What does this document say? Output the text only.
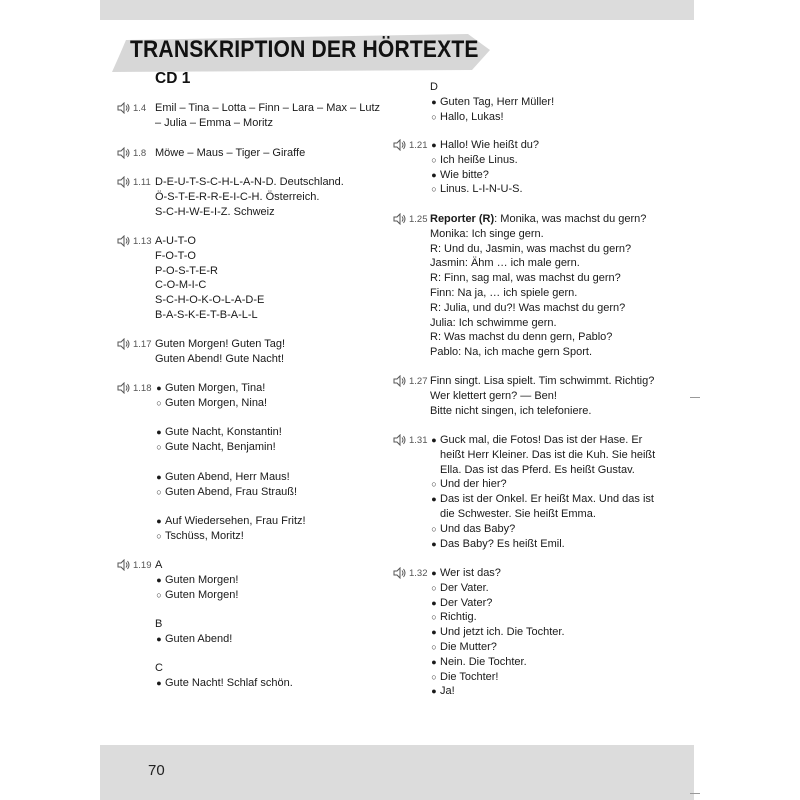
70
TRANSKRIPTION DER HÖRTEXTE
CD 1
1.4 Emil – Tina – Lotta – Finn – Lara – Max – Lutz
– Julia – Emma – Moritz
1.8 Möwe – Maus – Tiger – Giraffe
1.11 D-E-U-T-S-C-H-L-A-N-D. Deutschland.
Ö-S-T-E-R-R-E-I-C-H. Österreich.
S-C-H-W-E-I-Z. Schweiz
1.13 A-U-T-O
F-O-T-O
P-O-S-T-E-R
C-O-M-I-C
S-C-H-O-K-O-L-A-D-E
B-A-S-K-E-T-B-A-L-L
1.17 Guten Morgen! Guten Tag!
Guten Abend! Gute Nacht!
1.18 ● Guten Morgen, Tina!
○ Guten Morgen, Nina!
● Gute Nacht, Konstantin!
○ Gute Nacht, Benjamin!
● Guten Abend, Herr Maus!
○ Guten Abend, Frau Strauß!
● Auf Wiedersehen, Frau Fritz!
○ Tschüss, Moritz!
1.19 A
● Guten Morgen!
○ Guten Morgen!
B
● Guten Abend!
C
● Gute Nacht! Schlaf schön.
D
● Guten Tag, Herr Müller!
○ Hallo, Lukas!
1.21 ● Hallo! Wie heißt du?
○ Ich heiße Linus.
● Wie bitte?
○ Linus. L-I-N-U-S.
1.25 Reporter (R): Monika, was machst du gern?
Monika: Ich singe gern.
R: Und du, Jasmin, was machst du gern?
Jasmin: Ähm … ich male gern.
R: Finn, sag mal, was machst du gern?
Finn: Na ja, … ich spiele gern.
R: Julia, und du?! Was machst du gern?
Julia: Ich schwimme gern.
R: Was machst du denn gern, Pablo?
Pablo: Na, ich mache gern Sport.
1.27 Finn singt. Lisa spielt. Tim schwimmt. Richtig?
Wer klettert gern? — Ben!
Bitte nicht singen, ich telefoniere.
1.31 ● Guck mal, die Fotos! Das ist der Hase. Er
heißt Herr Kleiner. Das ist die Kuh. Sie heißt
Ella. Das ist das Pferd. Es heißt Gustav.
○ Und der hier?
● Das ist der Onkel. Er heißt Max. Und das ist
die Schwester. Sie heißt Emma.
○ Und das Baby?
● Das Baby? Es heißt Emil.
1.32 ● Wer ist das?
○ Der Vater.
● Der Vater?
○ Richtig.
● Und jetzt ich. Die Tochter.
○ Die Mutter?
● Nein. Die Tochter.
○ Die Tochter!
● Ja!
